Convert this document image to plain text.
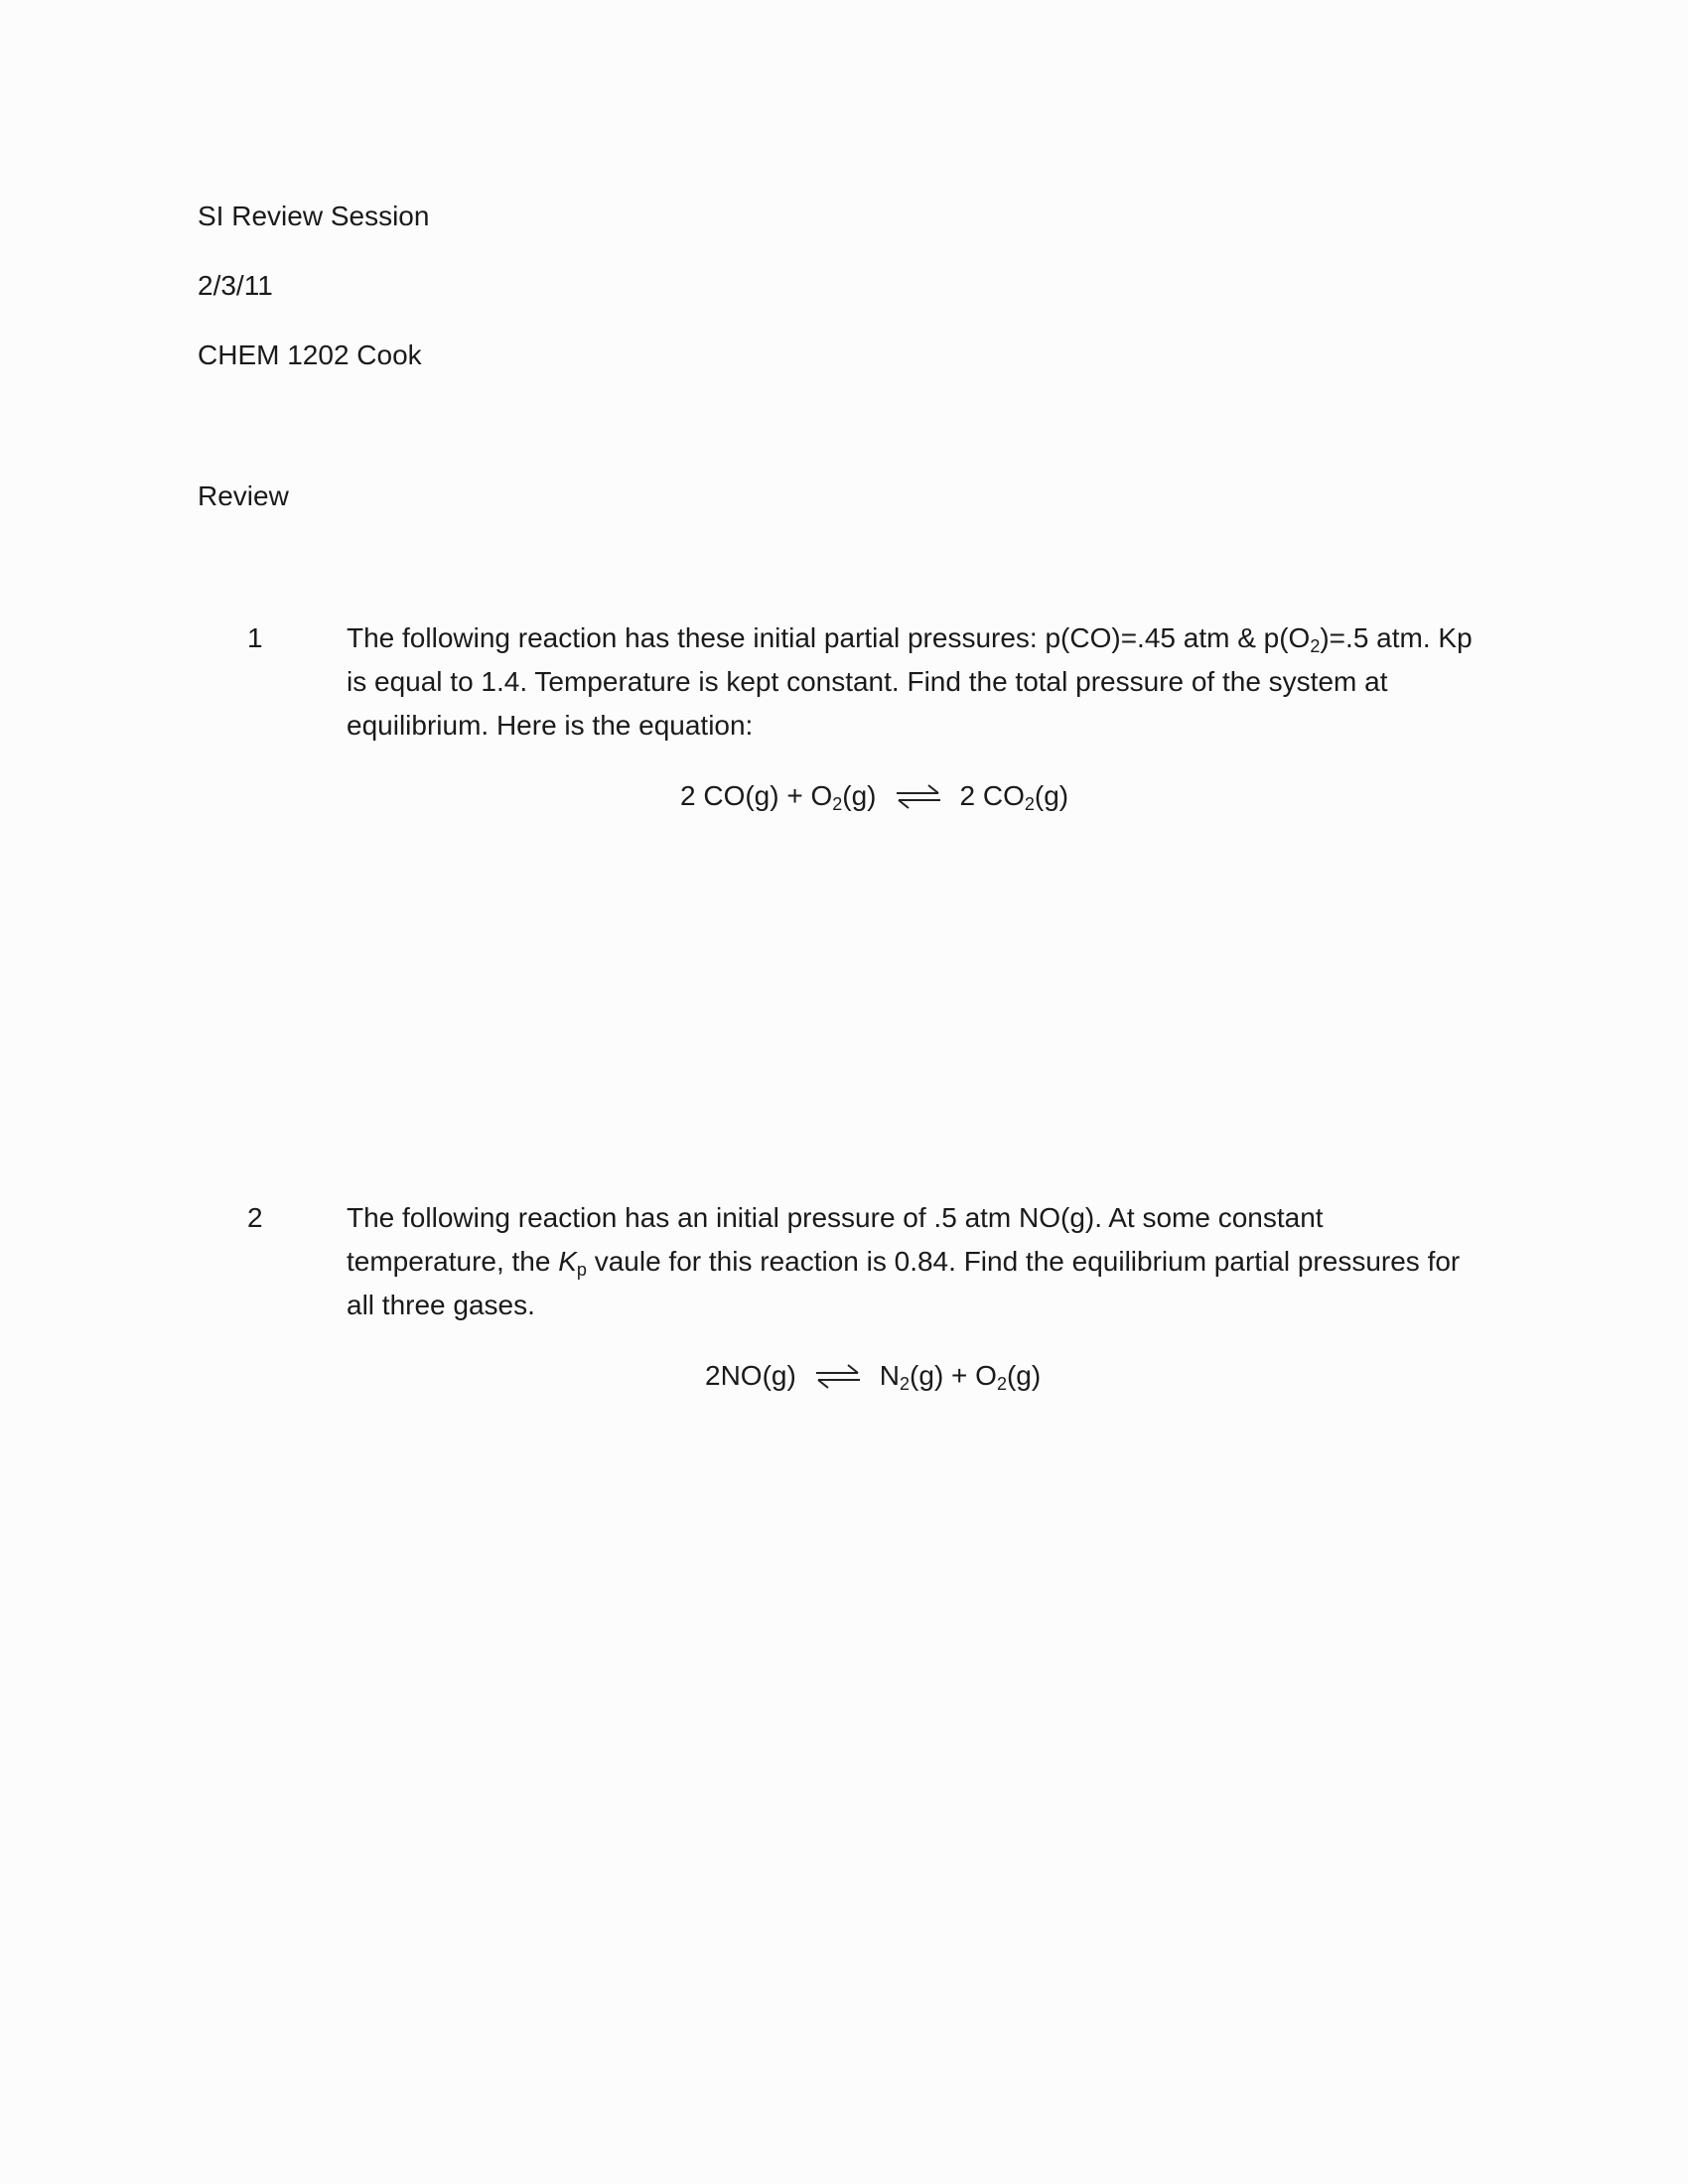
SI Review Session
2/3/11
CHEM 1202 Cook
Review
1	The following reaction has these initial partial pressures: p(CO)=.45 atm & $p(O_2)=.5$ atm. Kp
is equal to 1.4. Temperature is kept constant. Find the total pressure of the system at
equilibrium. Here is the equation:
2 $CO(g) + O_2(g)$ ⇌ 2 $CO_2(g)$
2	The following reaction has an initial pressure of .5 atm NO(g). At some constant
temperature, the $K_p$ vaule for this reaction is 0.84. Find the equilibrium partial pressures for
all three gases.
2NO(g) ⇌ $N_2(g) + O_2(g)$
